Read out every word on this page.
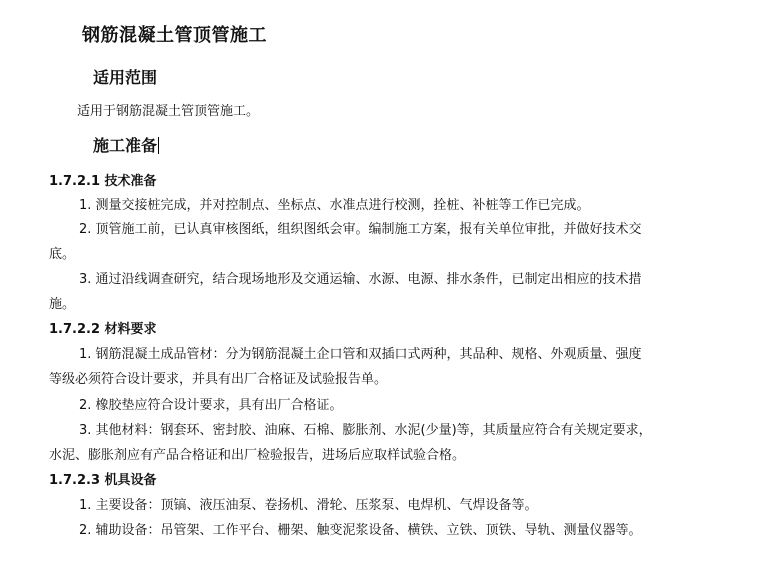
钢筋混凝土管顶管施工
适用范围
适用于钢筋混凝土管顶管施工。
施工准备
1.7.2.1 技术准备
1. 测量交接桩完成，并对控制点、坐标点、水准点进行校测，拴桩、补桩等工作已完成。
2. 顶管施工前，已认真审核图纸，组织图纸会审。编制施工方案，报有关单位审批，并做好技术交
底。
3. 通过沿线调查研究，结合现场地形及交通运输、水源、电源、排水条件，已制定出相应的技术措
施。
1.7.2.2 材料要求
1. 钢筋混凝土成品管材：分为钢筋混凝土企口管和双插口式两种，其品种、规格、外观质量、强度
等级必须符合设计要求，并具有出厂合格证及试验报告单。
2. 橡胶垫应符合设计要求，具有出厂合格证。
3. 其他材料：钢套环、密封胶、油麻、石棉、膨胀剂、水泥(少量)等，其质量应符合有关规定要求，
水泥、膨胀剂应有产品合格证和出厂检验报告，进场后应取样试验合格。
1.7.2.3 机具设备
1. 主要设备：顶镐、液压油泵、卷扬机、滑轮、压浆泵、电焊机、气焊设备等。
2. 辅助设备：吊管架、工作平台、栅架、触变泥浆设备、横铁、立铁、顶铁、导轨、测量仪器等。
